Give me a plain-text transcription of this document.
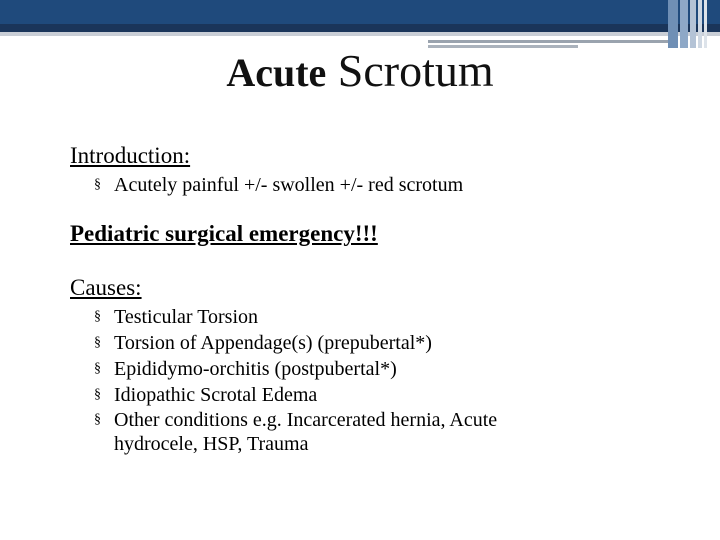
Acute Scrotum

Introduction:

§ Acutely painful +/- swollen +/- red scrotum

Pediatric surgical emergency!!!

Causes:

§ Testicular Torsion
§ Torsion of Appendage(s) (prepubertal*)
§ Epididymo-orchitis (postpubertal*)
§ Idiopathic Scrotal Edema
§ Other conditions e.g. Incarcerated hernia, Acute hydrocele, HSP, Trauma
